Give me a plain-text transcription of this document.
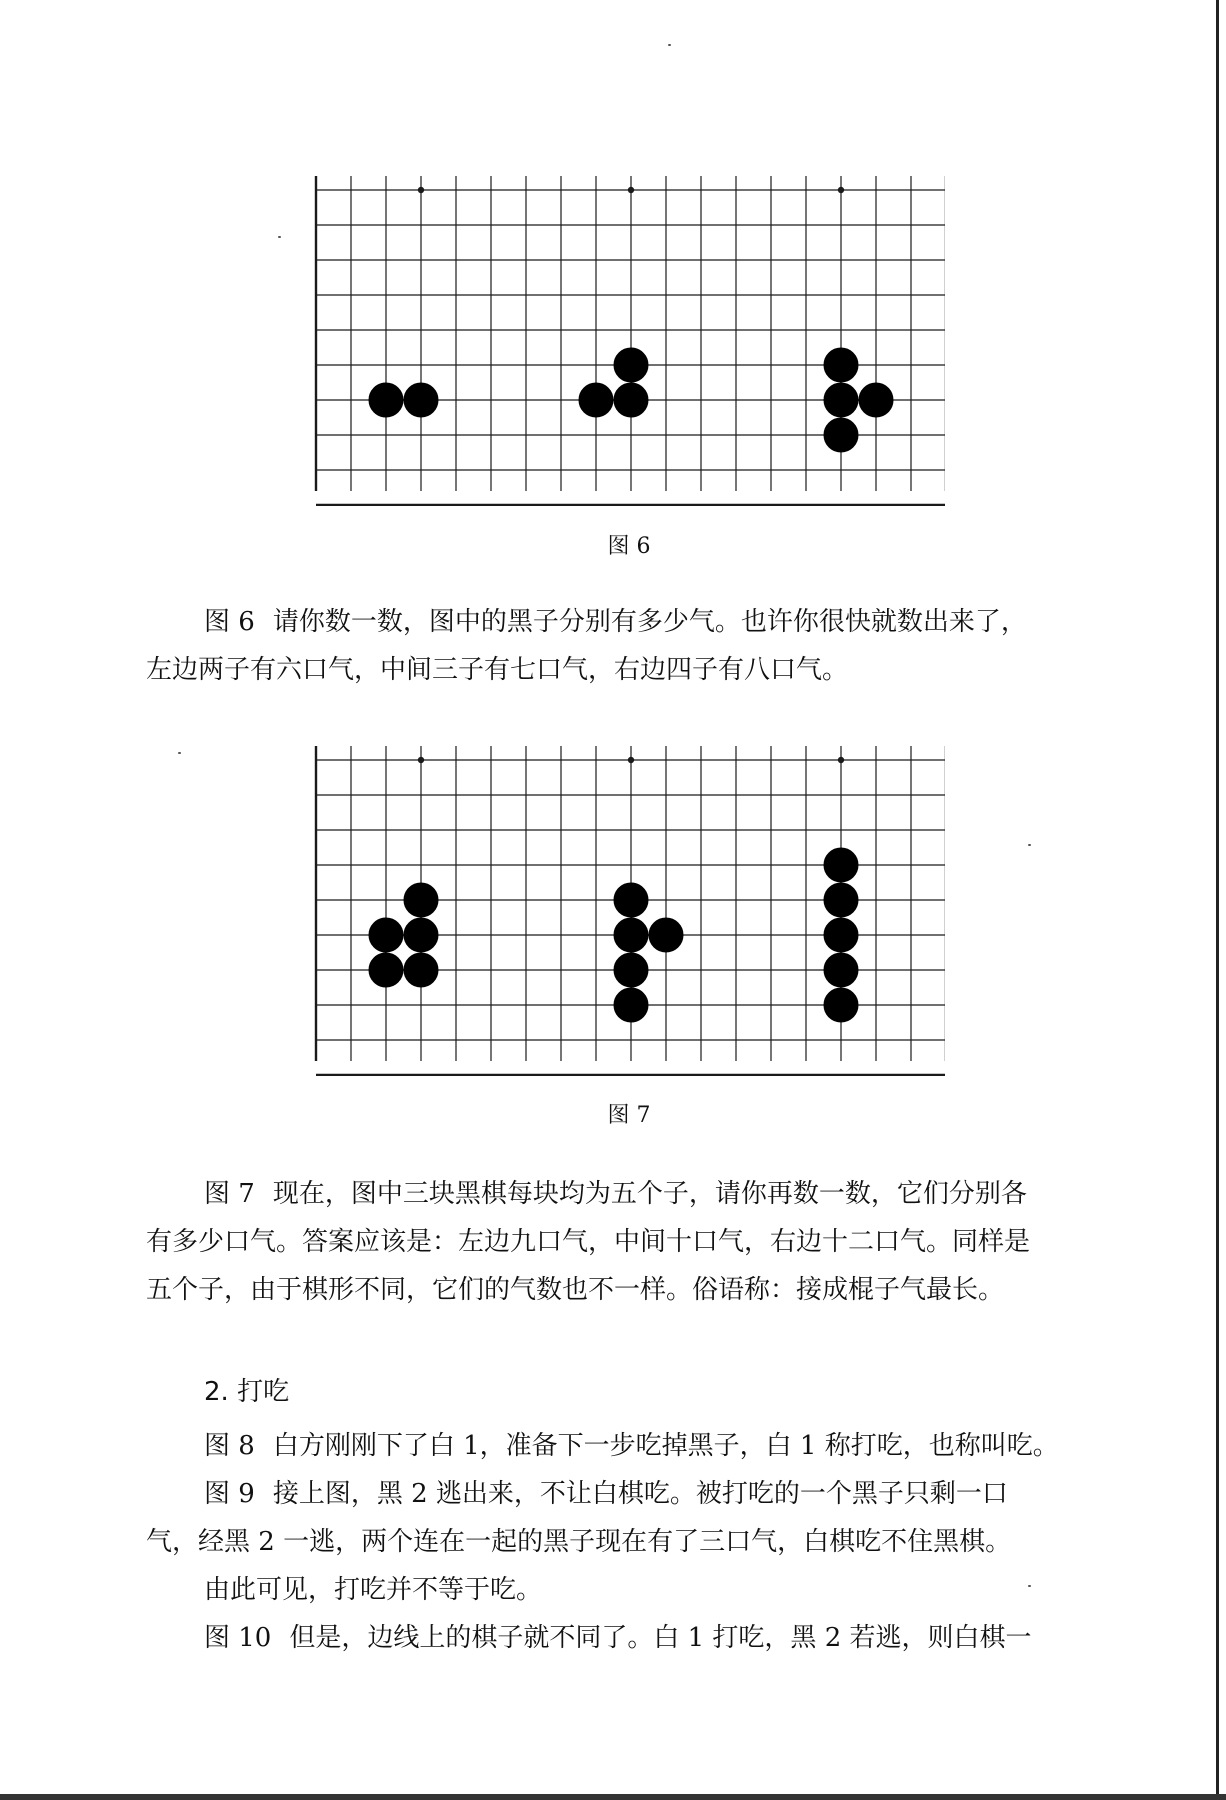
图 6

图 6 请你数一数，图中的黑子分别有多少气。也许你很快就数出来了，

左边两子有六口气，中间三子有七口气，右边四子有八口气。

图 7

图 7 现在，图中三块黑棋每块均为五个子，请你再数一数，它们分别各

有多少口气。答案应该是：左边九口气，中间十口气，右边十二口气。同样是

五个子，由于棋形不同，它们的气数也不一样。俗语称：接成棍子气最长。

2. 打吃

图 8 白方刚刚下了白 1，准备下一步吃掉黑子，白 1 称打吃，也称叫吃。

图 9 接上图，黑 2 逃出来，不让白棋吃。被打吃的一个黑子只剩一口

气，经黑 2 一逃，两个连在一起的黑子现在有了三口气，白棋吃不住黑棋。

由此可见，打吃并不等于吃。

图 10 但是，边线上的棋子就不同了。白 1 打吃，黑 2 若逃，则白棋一
